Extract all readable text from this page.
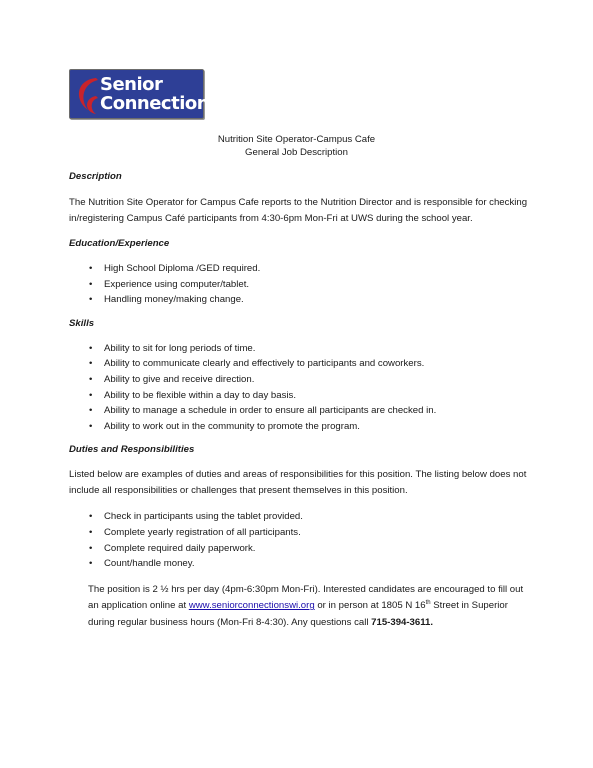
Senior
Connections
Nutrition Site Operator-Campus Cafe
General Job Description
Description

The Nutrition Site Operator for Campus Cafe reports to the Nutrition Director and is responsible for checking in/registering Campus Café participants from 4:30-6pm Mon-Fri at UWS during the school year.

Education/Experience
• High School Diploma /GED required.
• Experience using computer/tablet.
• Handling money/making change.
Skills
• Ability to sit for long periods of time.
• Ability to communicate clearly and effectively to participants and coworkers.
• Ability to give and receive direction.
• Ability to be flexible within a day to day basis.
• Ability to manage a schedule in order to ensure all participants are checked in.
• Ability to work out in the community to promote the program.
Duties and Responsibilities

Listed below are examples of duties and areas of responsibilities for this position. The listing below does not include all responsibilities or challenges that present themselves in this position.

• Check in participants using the tablet provided.
• Complete yearly registration of all participants.
• Complete required daily paperwork.
• Count/handle money.

The position is 2 ½ hrs per day (4pm-6:30pm Mon-Fri). Interested candidates are encouraged to fill out an application online at www.seniorconnectionswi.org or in person at 1805 N 16th Street in Superior during regular business hours (Mon-Fri 8-4:30). Any questions call 715-394-3611.
